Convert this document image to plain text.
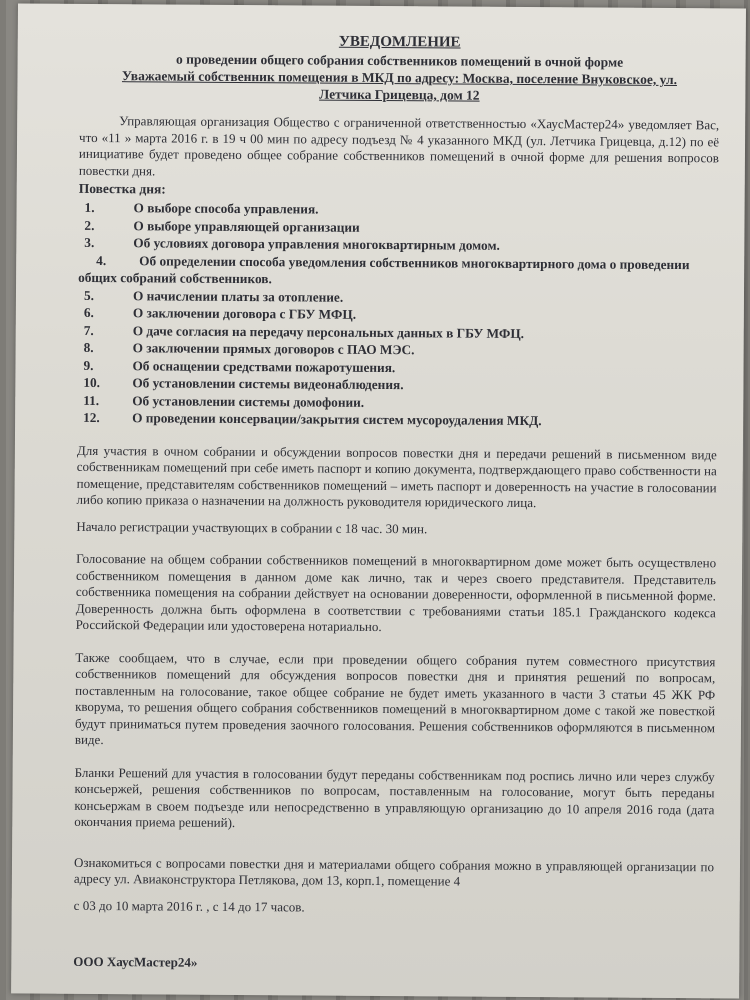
УВЕДОМЛЕНИЕ
о проведении общего собрания собственников помещений в очной форме
Уважаемый собственник помещения в МКД по адресу: Москва, поселение Внуковское, ул.
Летчика Грицевца, дом 12

Управляющая организация Общество с ограниченной ответственностью «ХаусМастер24» уведомляет Вас, что «11 » марта 2016 г. в 19 ч 00 мин по адресу подъезд № 4 указанного МКД (ул. Летчика Грицевца, д.12) по её инициативе будет проведено общее собрание собственников помещений в очной форме для решения вопросов повестки дня.

Повестка дня:
1.	О выборе способа управления.
2.	О выборе управляющей организации
3.	Об условиях договора управления многоквартирным домом.
4. Об определении способа уведомления собственников многоквартирного дома о проведении общих собраний собственников.
5.	О начислении платы за отопление.
6.	О заключении договора с ГБУ МФЦ.
7.	О даче согласия на передачу персональных данных в ГБУ МФЦ.
8.	О заключении прямых договоров с ПАО МЭС.
9.	Об оснащении средствами пожаротушения.
10.	Об установлении системы видеонаблюдения.
11.	Об установлении системы домофонии.
12.	О проведении консервации/закрытия систем мусороудаления МКД.

Для участия в очном собрании и обсуждении вопросов повестки дня и передачи решений в письменном виде собственникам помещений при себе иметь паспорт и копию документа, подтверждающего право собственности на помещение, представителям собственников помещений – иметь паспорт и доверенность на участие в голосовании либо копию приказа о назначении на должность руководителя юридического лица.

Начало регистрации участвующих в собрании с 18 час. 30 мин.

Голосование на общем собрании собственников помещений в многоквартирном доме может быть осуществлено собственником помещения в данном доме как лично, так и через своего представителя. Представитель собственника помещения на собрании действует на основании доверенности, оформленной в письменной форме. Доверенность должна быть оформлена в соответствии с требованиями статьи 185.1 Гражданского кодекса Российской Федерации или удостоверена нотариально.

Также сообщаем, что в случае, если при проведении общего собрания путем совместного присутствия собственников помещений для обсуждения вопросов повестки дня и принятия решений по вопросам, поставленным на голосование, такое общее собрание не будет иметь указанного в части 3 статьи 45 ЖК РФ кворума, то решения общего собрания собственников помещений в многоквартирном доме с такой же повесткой будут приниматься путем проведения заочного голосования. Решения собственников оформляются в письменном виде.

Бланки Решений для участия в голосовании будут переданы собственникам под роспись лично или через службу консьержей, решения собственников по вопросам, поставленным на голосование, могут быть переданы консьержам в своем подъезде или непосредственно в управляющую организацию до 10 апреля 2016 года (дата окончания приема решений).

Ознакомиться с вопросами повестки дня и материалами общего собрания можно в управляющей организации по адресу ул. Авиаконструктора Петлякова, дом 13, корп.1, помещение 4

с 03 до 10 марта 2016 г. , с 14 до 17 часов.

ООО ХаусМастер24»
